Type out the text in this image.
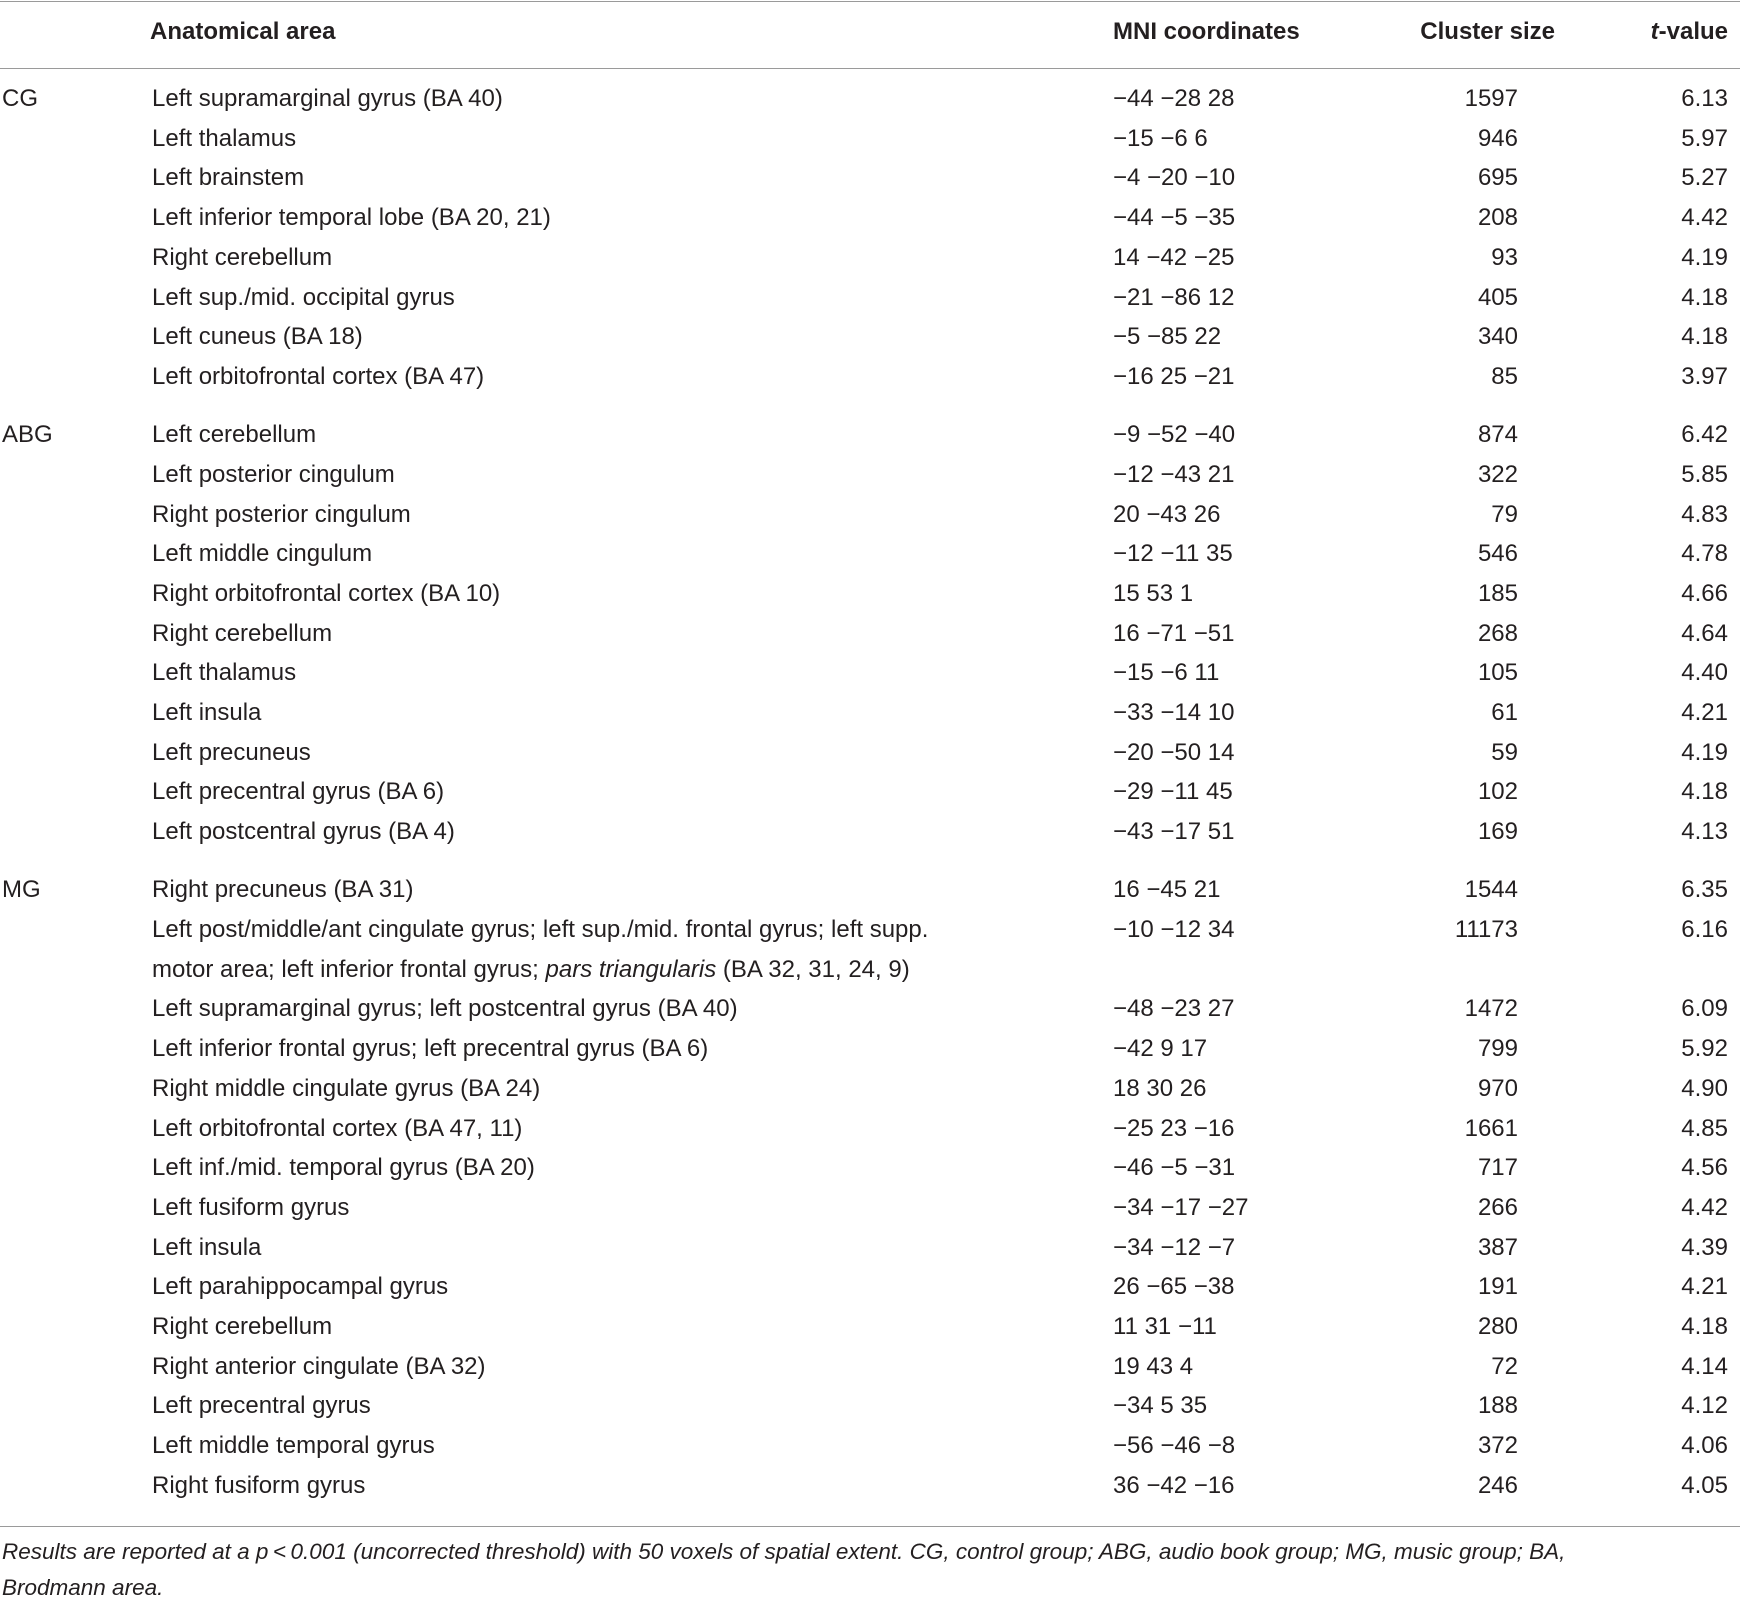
Anatomical area	MNI coordinates	Cluster size	t-value
CG	Left supramarginal gyrus (BA 40)	−44 −28 28	1597	6.13
Left thalamus	−15 −6 6	946	5.97
Left brainstem	−4 −20 −10	695	5.27
Left inferior temporal lobe (BA 20, 21)	−44 −5 −35	208	4.42
Right cerebellum	14 −42 −25	93	4.19
Left sup./mid. occipital gyrus	−21 −86 12	405	4.18
Left cuneus (BA 18)	−5 −85 22	340	4.18
Left orbitofrontal cortex (BA 47)	−16 25 −21	85	3.97
ABG	Left cerebellum	−9 −52 −40	874	6.42
Left posterior cingulum	−12 −43 21	322	5.85
Right posterior cingulum	20 −43 26	79	4.83
Left middle cingulum	−12 −11 35	546	4.78
Right orbitofrontal cortex (BA 10)	15 53 1	185	4.66
Right cerebellum	16 −71 −51	268	4.64
Left thalamus	−15 −6 11	105	4.40
Left insula	−33 −14 10	61	4.21
Left precuneus	−20 −50 14	59	4.19
Left precentral gyrus (BA 6)	−29 −11 45	102	4.18
Left postcentral gyrus (BA 4)	−43 −17 51	169	4.13
MG	Right precuneus (BA 31)	16 −45 21	1544	6.35
Left post/middle/ant cingulate gyrus; left sup./mid. frontal gyrus; left supp.	−10 −12 34	11173	6.16
motor area; left inferior frontal gyrus; pars triangularis (BA 32, 31, 24, 9)
Left supramarginal gyrus; left postcentral gyrus (BA 40)	−48 −23 27	1472	6.09
Left inferior frontal gyrus; left precentral gyrus (BA 6)	−42 9 17	799	5.92
Right middle cingulate gyrus (BA 24)	18 30 26	970	4.90
Left orbitofrontal cortex (BA 47, 11)	−25 23 −16	1661	4.85
Left inf./mid. temporal gyrus (BA 20)	−46 −5 −31	717	4.56
Left fusiform gyrus	−34 −17 −27	266	4.42
Left insula	−34 −12 −7	387	4.39
Left parahippocampal gyrus	26 −65 −38	191	4.21
Right cerebellum	11 31 −11	280	4.18
Right anterior cingulate (BA 32)	19 43 4	72	4.14
Left precentral gyrus	−34 5 35	188	4.12
Left middle temporal gyrus	−56 −46 −8	372	4.06
Right fusiform gyrus	36 −42 −16	246	4.05
Results are reported at a p < 0.001 (uncorrected threshold) with 50 voxels of spatial extent. CG, control group; ABG, audio book group; MG, music group; BA,
Brodmann area.
